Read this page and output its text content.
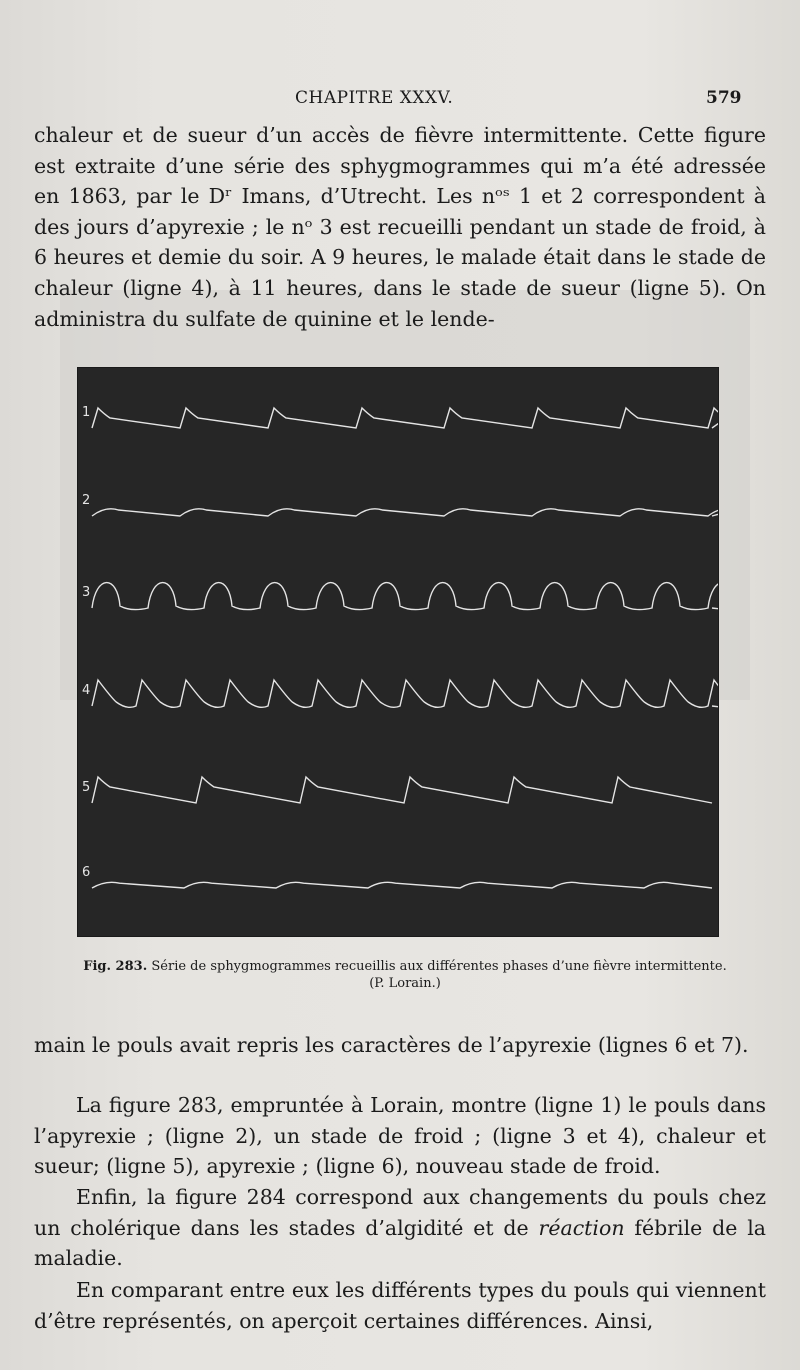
CHAPITRE XXXV.	579

chaleur et de sueur d’un accès de fièvre intermittente. Cette figure est extraite d’une série des sphygmogrammes qui m’a été adressée en 1863, par le Dʳ Imans, d’Utrecht. Les nᵒˢ 1 et 2 correspondent à des jours d’apyrexie ; le nᵒ 3 est recueilli pendant un stade de froid, à 6 heures et demie du soir. A 9 heures, le malade était dans le stade de chaleur (ligne 4), à 11 heures, dans le stade de sueur (ligne 5). On administra du sulfate de quinine et le lende-

1
2
3
4
5
6
Fig. 283. Série de sphygmogrammes recueillis aux différentes phases d’une fièvre intermittente.
(P. Lorain.)

main le pouls avait repris les caractères de l’apyrexie (lignes 6 et 7).

La figure 283, empruntée à Lorain, montre (ligne 1) le pouls dans l’apyrexie ; (ligne 2), un stade de froid ; (ligne 3 et 4), chaleur et sueur; (ligne 5), apyrexie ; (ligne 6), nouveau stade de froid.

Enfin, la figure 284 correspond aux changements du pouls chez un cholérique dans les stades d’algidité et de réaction fébrile de la maladie.

En comparant entre eux les différents types du pouls qui viennent d’être représentés, on aperçoit certaines différences. Ainsi,
